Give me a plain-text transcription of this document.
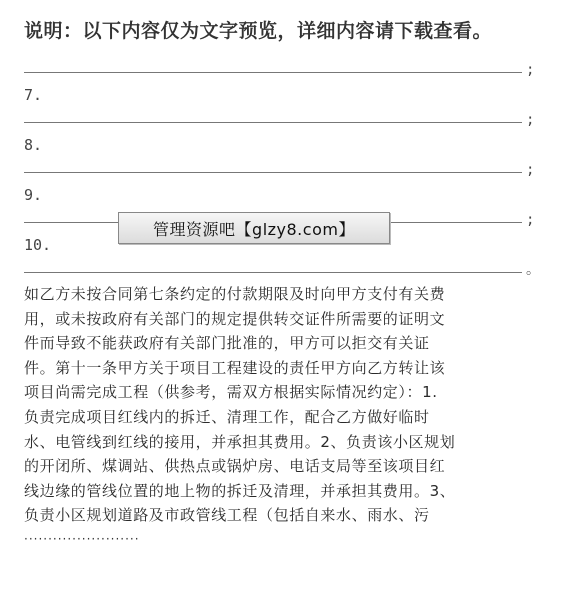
说明：以下内容仅为文字预览，详细内容请下载查看。
;
7.
;
8.
;
9.
;
10.
。
管理资源吧【glzy8.com】
如乙方未按合同第七条约定的付款期限及时向甲方支付有关费
用，或未按政府有关部门的规定提供转交证件所需要的证明文
件而导致不能获政府有关部门批准的，甲方可以拒交有关证
件。第十一条甲方关于项目工程建设的责任甲方向乙方转让该
项目尚需完成工程（供参考，需双方根据实际情况约定）：1.
负责完成项目红线内的拆迁、清理工作，配合乙方做好临时
水、电管线到红线的接用，并承担其费用。2、负责该小区规划
的开闭所、煤调站、供热点或锅炉房、电话支局等至该项目红
线边缘的管线位置的地上物的拆迁及清理，并承担其费用。3、
负责小区规划道路及市政管线工程（包括自来水、雨水、污
························
